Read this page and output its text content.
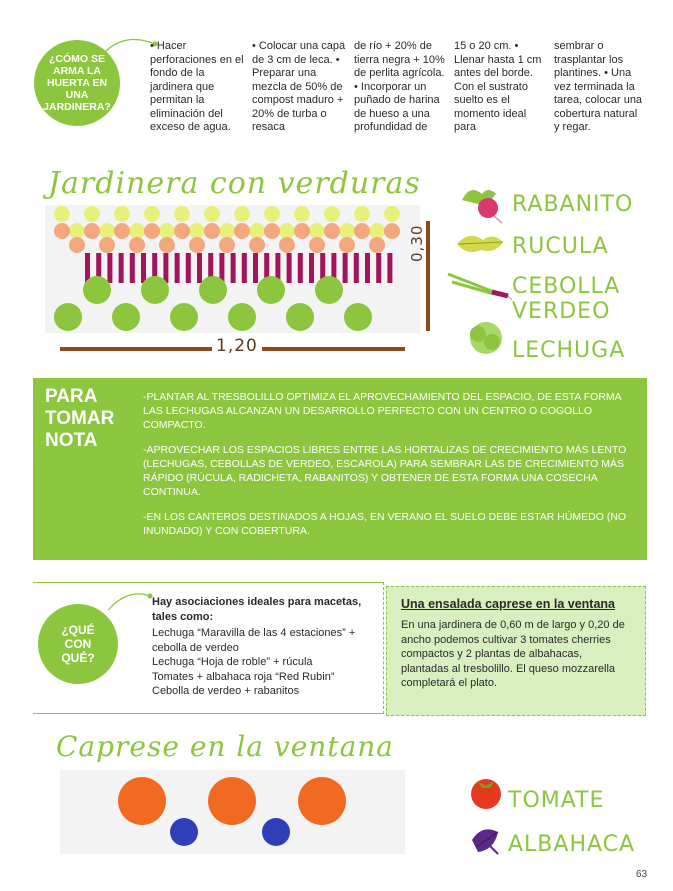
¿CÓMO SE ARMA LA HUERTA EN UNA JARDINERA?

• Hacer perforaciones en el fondo de la jardinera que permitan la eliminación del exceso de agua.

• Colocar una capa de 3 cm de leca. • Preparar una mezcla de 50% de compost maduro + 20% de turba o resaca

de río + 20% de tierra negra + 10% de perlita agrícola. • Incorporar un puñado de harina de hueso a una profundidad de

15 o 20 cm. • Llenar hasta 1 cm antes del borde. Con el sustrato suelto es el momento ideal para

sembrar o trasplantar los plantines. • Una vez terminada la tarea, colocar una cobertura natural y regar.

Jardinera con verduras
1,20
0,30
RABANITO
RUCULA
CEBOLLA VERDEO
LECHUGA
PARA TOMAR NOTA

-PLANTAR AL TRESBOLILLO OPTIMIZA EL APROVECHAMIENTO DEL ESPACIO, DE ESTA FORMA LAS LECHUGAS ALCANZAN UN DESARROLLO PERFECTO CON UN CENTRO O COGOLLO COMPACTO.

-APROVECHAR LOS ESPACIOS LIBRES ENTRE LAS HORTALIZAS DE CRECIMIENTO MÁS LENTO (LECHUGAS, CEBOLLAS DE VERDEO, ESCAROLA) PARA SEMBRAR LAS DE CRECIMIENTO MÁS RÁPIDO (RÚCULA, RADICHETA, RABANITOS) Y OBTENER DE ESTA FORMA UNA COSECHA CONTINUA.

-EN LOS CANTEROS DESTINADOS A HOJAS, EN VERANO EL SUELO DEBE ESTAR HÚMEDO (NO INUNDADO) Y CON COBERTURA.

¿QUÉ CON QUÉ?

Hay asociaciones ideales para macetas, tales como:

Lechuga “Maravilla de las 4 estaciones” + cebolla de verdeo

Lechuga “Hoja de roble” + rúcula

Tomates + albahaca roja “Red Rubin”

Cebolla de verdeo + rabanitos

Una ensalada caprese en la ventana
En una jardinera de 0,60 m de largo y 0,20 de ancho podemos cultivar 3 tomates cherries compactos y 2 plantas de albahacas, plantadas al tresbolillo. El queso mozzarella completará el plato.
Caprese en la ventana
TOMATE
ALBAHACA
63
